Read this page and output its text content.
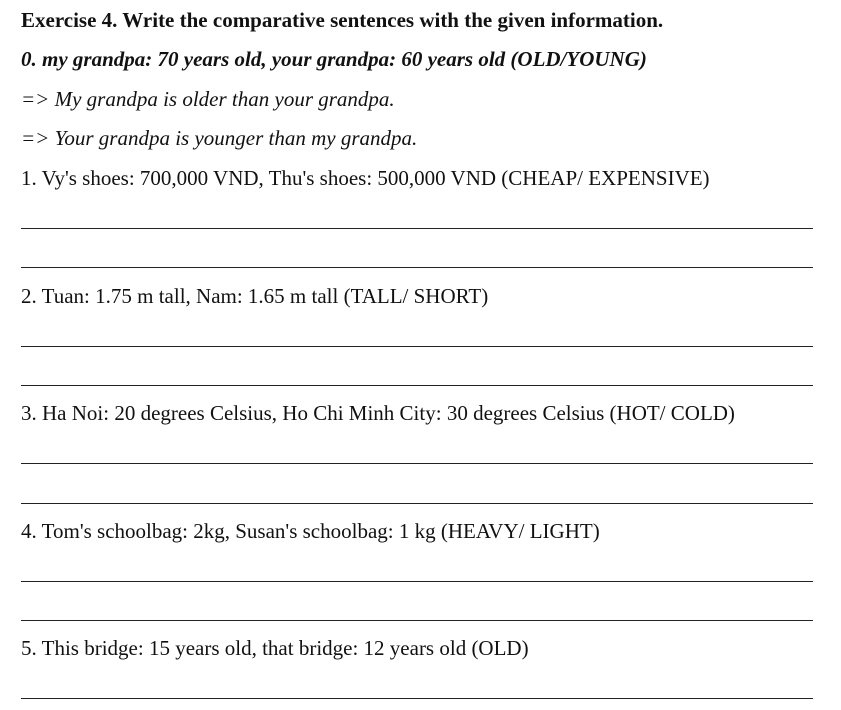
Exercise 4. Write the comparative sentences with the given information.
0. my grandpa: 70 years old, your grandpa: 60 years old (OLD/YOUNG)
=> My grandpa is older than your grandpa.
=> Your grandpa is younger than my grandpa.
1. Vy's shoes: 700,000 VND, Thu's shoes: 500,000 VND (CHEAP/ EXPENSIVE)
2. Tuan: 1.75 m tall, Nam: 1.65 m tall (TALL/ SHORT)
3. Ha Noi: 20 degrees Celsius, Ho Chi Minh City: 30 degrees Celsius (HOT/ COLD)
4. Tom's schoolbag: 2kg, Susan's schoolbag: 1 kg (HEAVY/ LIGHT)
5. This bridge: 15 years old, that bridge: 12 years old (OLD)
